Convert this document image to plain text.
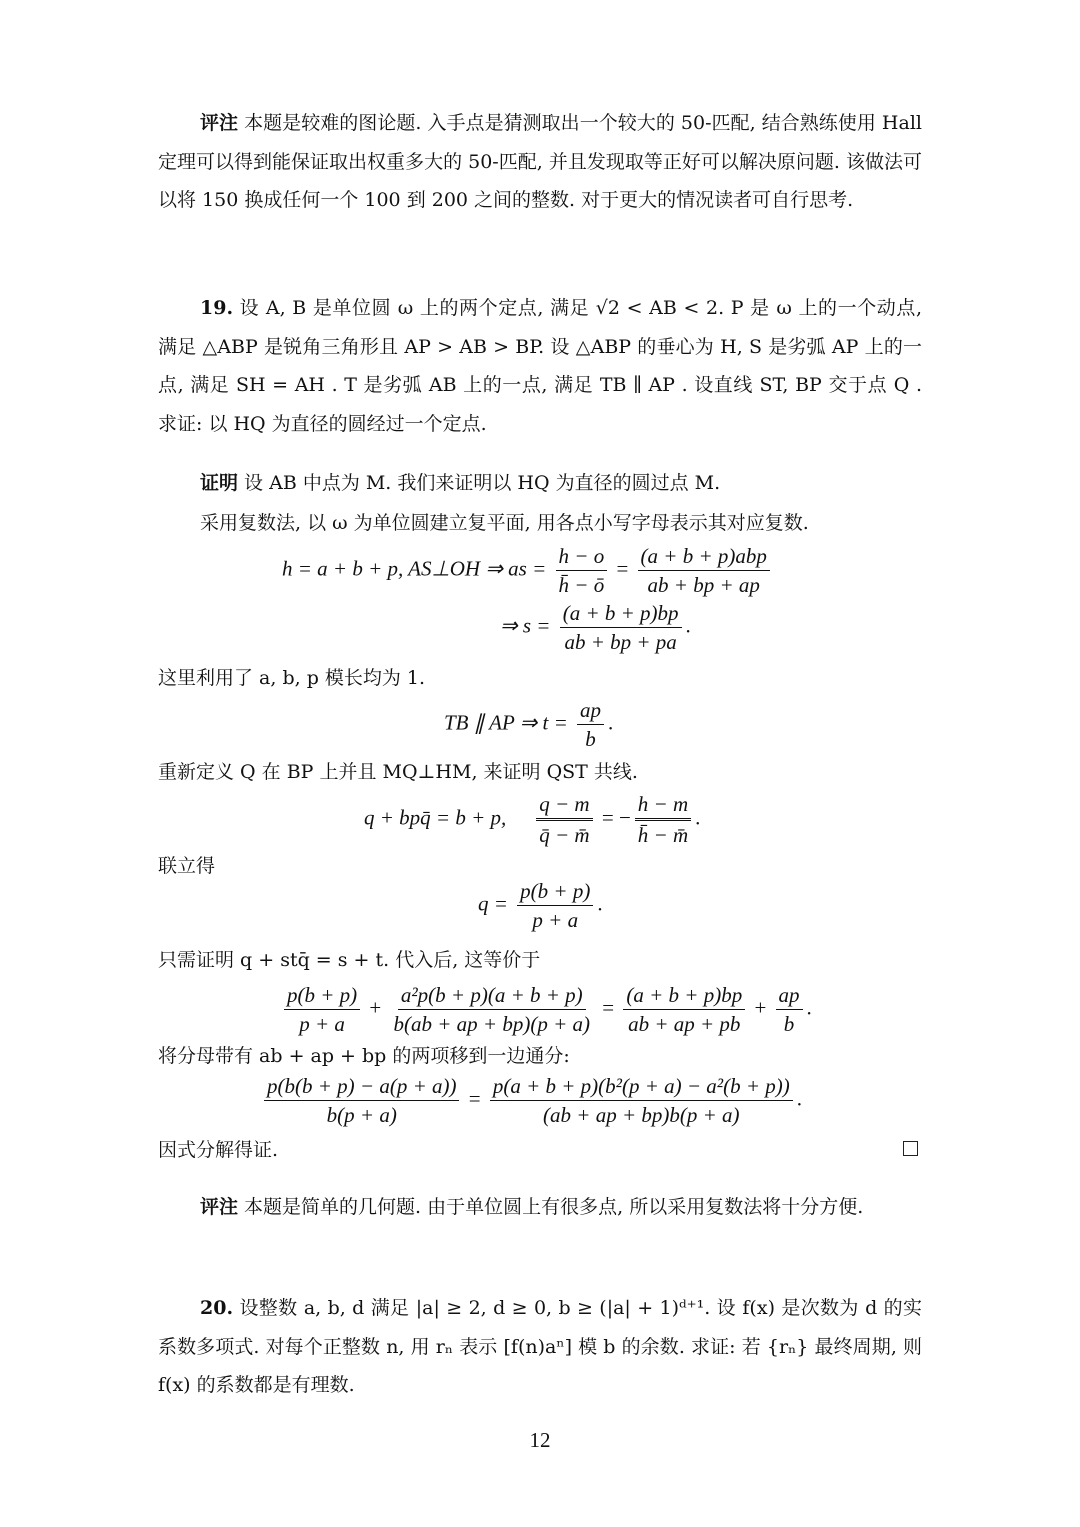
评注 本题是较难的图论题. 入手点是猜测取出一个较大的 50-匹配, 结合熟练使用 Hall 定理可以得到能保证取出权重多大的 50-匹配, 并且发现取等正好可以解决原问题. 该做法可以将 150 换成任何一个 100 到 200 之间的整数. 对于更大的情况读者可自行思考.
19. 设 A, B 是单位圆 ω 上的两个定点, 满足 √2 < AB < 2. P 是 ω 上的一个动点, 满足 △ABP 是锐角三角形且 AP > AB > BP. 设 △ABP 的垂心为 H, S 是劣弧 AP 上的一点, 满足 SH = AH . T 是劣弧 AB 上的一点, 满足 TB ∥ AP . 设直线 ST, BP 交于点 Q . 求证: 以 HQ 为直径的圆经过一个定点.
证明 设 AB 中点为 M. 我们来证明以 HQ 为直径的圆过点 M.
采用复数法, 以 ω 为单位圆建立复平面, 用各点小写字母表示其对应复数.
h = a + b + p, AS⊥OH ⇒ as = $\frac{h - o}{h̄ - ō} = \frac{\text{(a + b + p)abp}}{ab + bp + ap}$
⇒ $s = \frac{(a + b + p)bp}{ab + bp + pa}$ .
这里利用了 a, b, p 模长均为 1.
TB ∥ AP ⇒ $t = \frac{ap}{b}$ .
重新定义 Q 在 BP 上并且 MQ⊥HM, 来证明 QST 共线.
q + bpq̄ = b + p, $\frac{q - m}{q̄ - m̄}$ = − $\frac{h - m}{h̄ - m̄}$ .
联立得
$q = \frac{p(b + p)}{p + a}$ .
只需证明 q + stq̄ = s + t. 代入后, 这等价于
$\frac{p(b + p)}{p + a} + \frac{\text{a²p(b + p)(a + b + p)}}{b(ab + ap + bp)(p + a)} = \frac{(a + b + p)bp}{ab + ap + pb} + \frac{ap}{b}$ .
将分母带有 ab + ap + bp 的两项移到一边通分:
$\frac{p(b(b + p) - a(p + a))}{b(p + a)} = \frac{\text{p(a + b + p)(b²(p + a) − a²(b + p))}}{(ab + ap + bp)b(p + a)}$ .
因式分解得证.
评注 本题是简单的几何题. 由于单位圆上有很多点, 所以采用复数法将十分方便.
20. 设整数 a, b, d 满足 |a| ≥ 2, d ≥ 0, b ≥ (|a| + 1)ᵈ⁺¹. 设 f(x) 是次数为 d 的实系数多项式. 对每个正整数 n, 用 rₙ 表示 [f(n)aⁿ] 模 b 的余数. 求证: 若 {rₙ} 最终周期, 则 f(x) 的系数都是有理数.
12
